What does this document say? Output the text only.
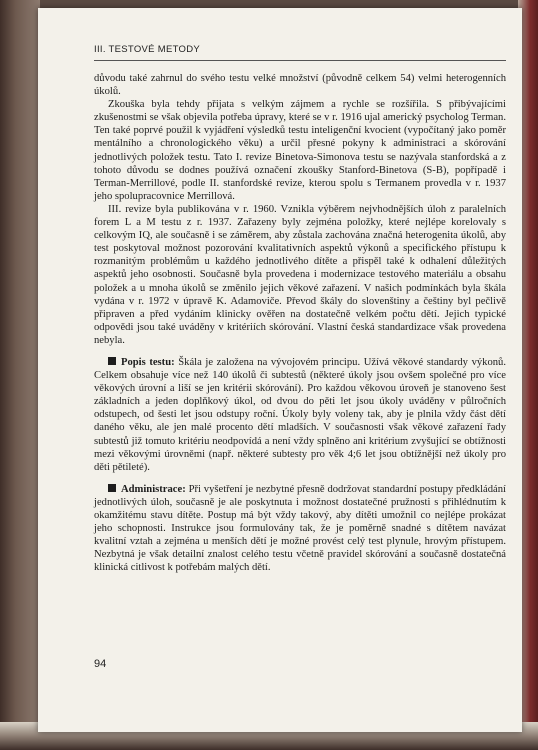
III. TESTOVÉ METODY

důvodu také zahrnul do svého testu velké množství (původně celkem 54) velmi heterogenních úkolů.

Zkouška byla tehdy přijata s velkým zájmem a rychle se rozšířila. S přibývajícími zkušenostmi se však objevila potřeba úpravy, které se v r. 1916 ujal americký psycholog Terman. Ten také poprvé použil k vyjádření výsledků testu inteligenční kvocient (vypočítaný jako poměr mentálního a chronologického věku) a určil přesné pokyny k administraci a skórování jednotlivých položek testu. Tato I. revize Binetova-Simonova testu se nazývala stanfordská a z tohoto důvodu se dodnes používá označení zkoušky Stanford-Binetova (S-B), popřípadě i Terman-Merrillové, podle II. stanfordské revize, kterou spolu s Termanem provedla v r. 1937 jeho spolupracovnice Merrillová.

III. revize byla publikována v r. 1960. Vznikla výběrem nejvhodnějších úloh z paralelních forem L a M testu z r. 1937. Zařazeny byly zejména položky, které nejlépe korelovaly s celkovým IQ, ale současně i se záměrem, aby zůstala zachována značná heterogenita úkolů, aby test poskytoval možnost pozorování kvalitativních aspektů výkonů a specifického přístupu k rozmanitým problémům u každého jednotlivého dítěte a přispěl také k odhalení důležitých aspektů jeho osobnosti. Současně byla provedena i modernizace testového materiálu a obsahu položek a u mnoha úkolů se změnilo jejich věkové zařazení. V našich podmínkách byla škála vydána v r. 1972 v úpravě K. Adamoviče. Převod škály do slovenštiny a češtiny byl pečlivě připraven a před vydáním klinicky ověřen na dostatečně velkém počtu dětí. Jejich typické odpovědi jsou také uváděny v kritériích skórování. Vlastní česká standardizace však provedena nebyla.

Popis testu: Škála je založena na vývojovém principu. Užívá věkové standardy výkonů. Celkem obsahuje více než 140 úkolů či subtestů (některé úkoly jsou ovšem společné pro více věkových úrovní a liší se jen kritérii skórování). Pro každou věkovou úroveň je stanoveno šest základních a jeden doplňkový úkol, od dvou do pěti let jsou úkoly uváděny v půlročních odstupech, od šesti let jsou odstupy roční. Úkoly byly voleny tak, aby je plnila vždy část dětí daného věku, ale jen malé procento dětí mladších. V současnosti však věkové zařazení řady subtestů již tomuto kritériu neodpovídá a není vždy splněno ani kritérium zvyšující se obtížnosti mezi věkovými úrovněmi (např. některé subtesty pro věk 4;6 let jsou obtížnější než úkoly pro děti pětileté).

Administrace: Při vyšetření je nezbytné přesně dodržovat standardní postupy předkládání jednotlivých úloh, současně je ale poskytnuta i možnost dostatečné pružnosti s přihlédnutím k okamžitému stavu dítěte. Postup má být vždy takový, aby dítěti umožnil co nejlépe prokázat jeho schopnosti. Instrukce jsou formulovány tak, že je poměrně snadné s dítětem navázat kvalitní vztah a zejména u menších dětí je možné provést celý test plynule, hrovým přístupem. Nezbytná je však detailní znalost celého testu včetně pravidel skórování a současně dostatečná klinická citlivost k potřebám malých dětí.

94
